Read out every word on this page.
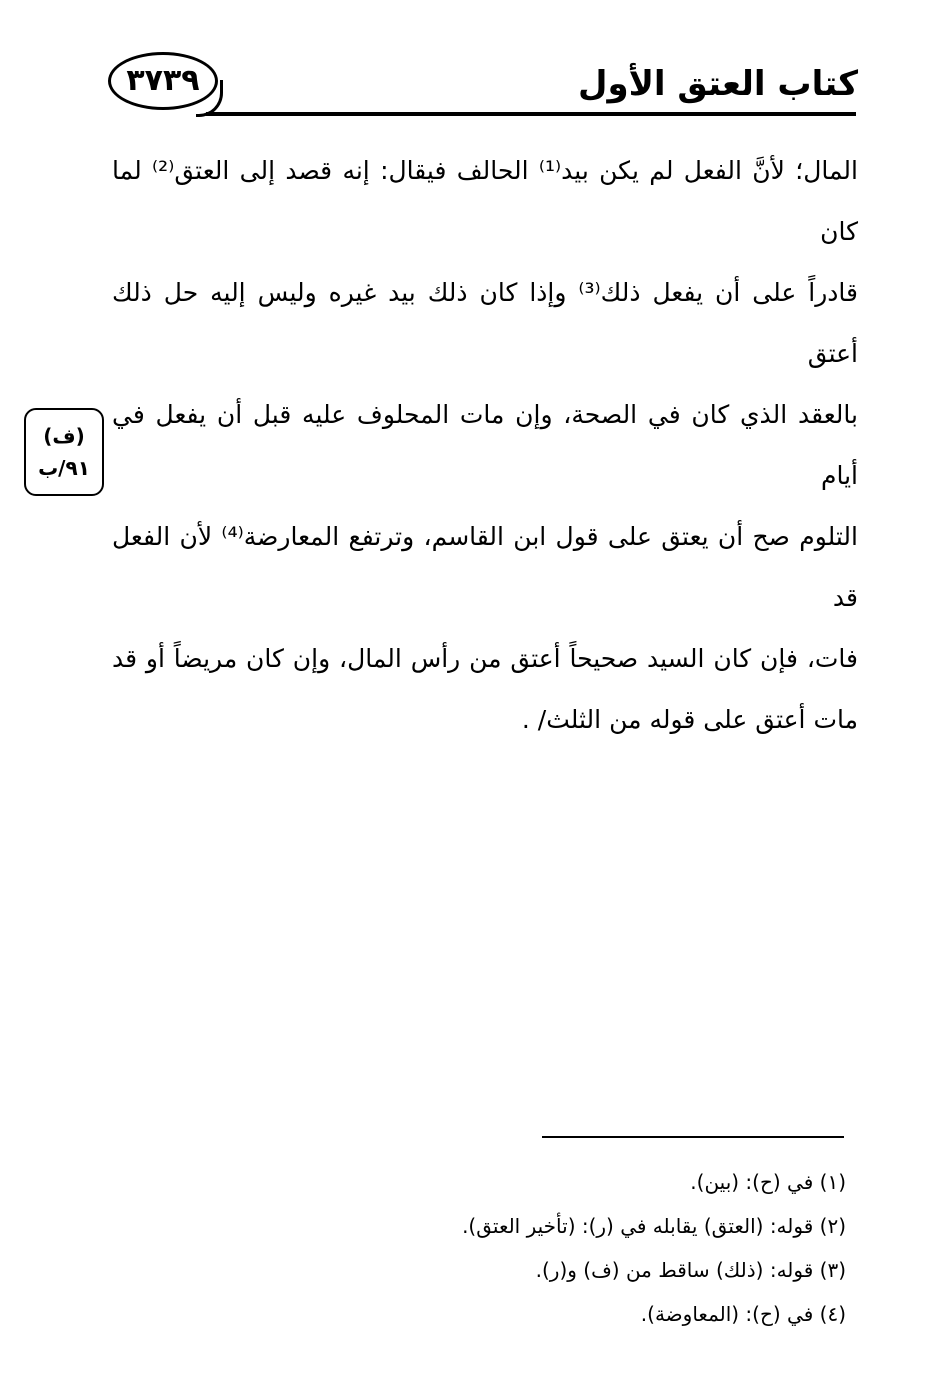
كتاب العتق الأول
٣٧٣٩
المال؛ لأنَّ الفعل لم يكن بيد⁽¹⁾ الحالف فيقال: إنه قصد إلى العتق⁽²⁾ لما كان
قادراً على أن يفعل ذلك⁽³⁾ وإذا كان ذلك بيد غيره وليس إليه حل ذلك أعتق
بالعقد الذي كان في الصحة، وإن مات المحلوف عليه قبل أن يفعل في أيام
التلوم صح أن يعتق على قول ابن القاسم، وترتفع المعارضة⁽⁴⁾ لأن الفعل قد
فات، فإن كان السيد صحيحاً أعتق من رأس المال، وإن كان مريضاً أو قد
مات أعتق على قوله من الثلث/ .
(ف)
٩١/ب
(١) في (ح): (بين).
(٢) قوله: (العتق) يقابله في (ر): (تأخير العتق).
(٣) قوله: (ذلك) ساقط من (ف) و(ر).
(٤) في (ح): (المعاوضة).
